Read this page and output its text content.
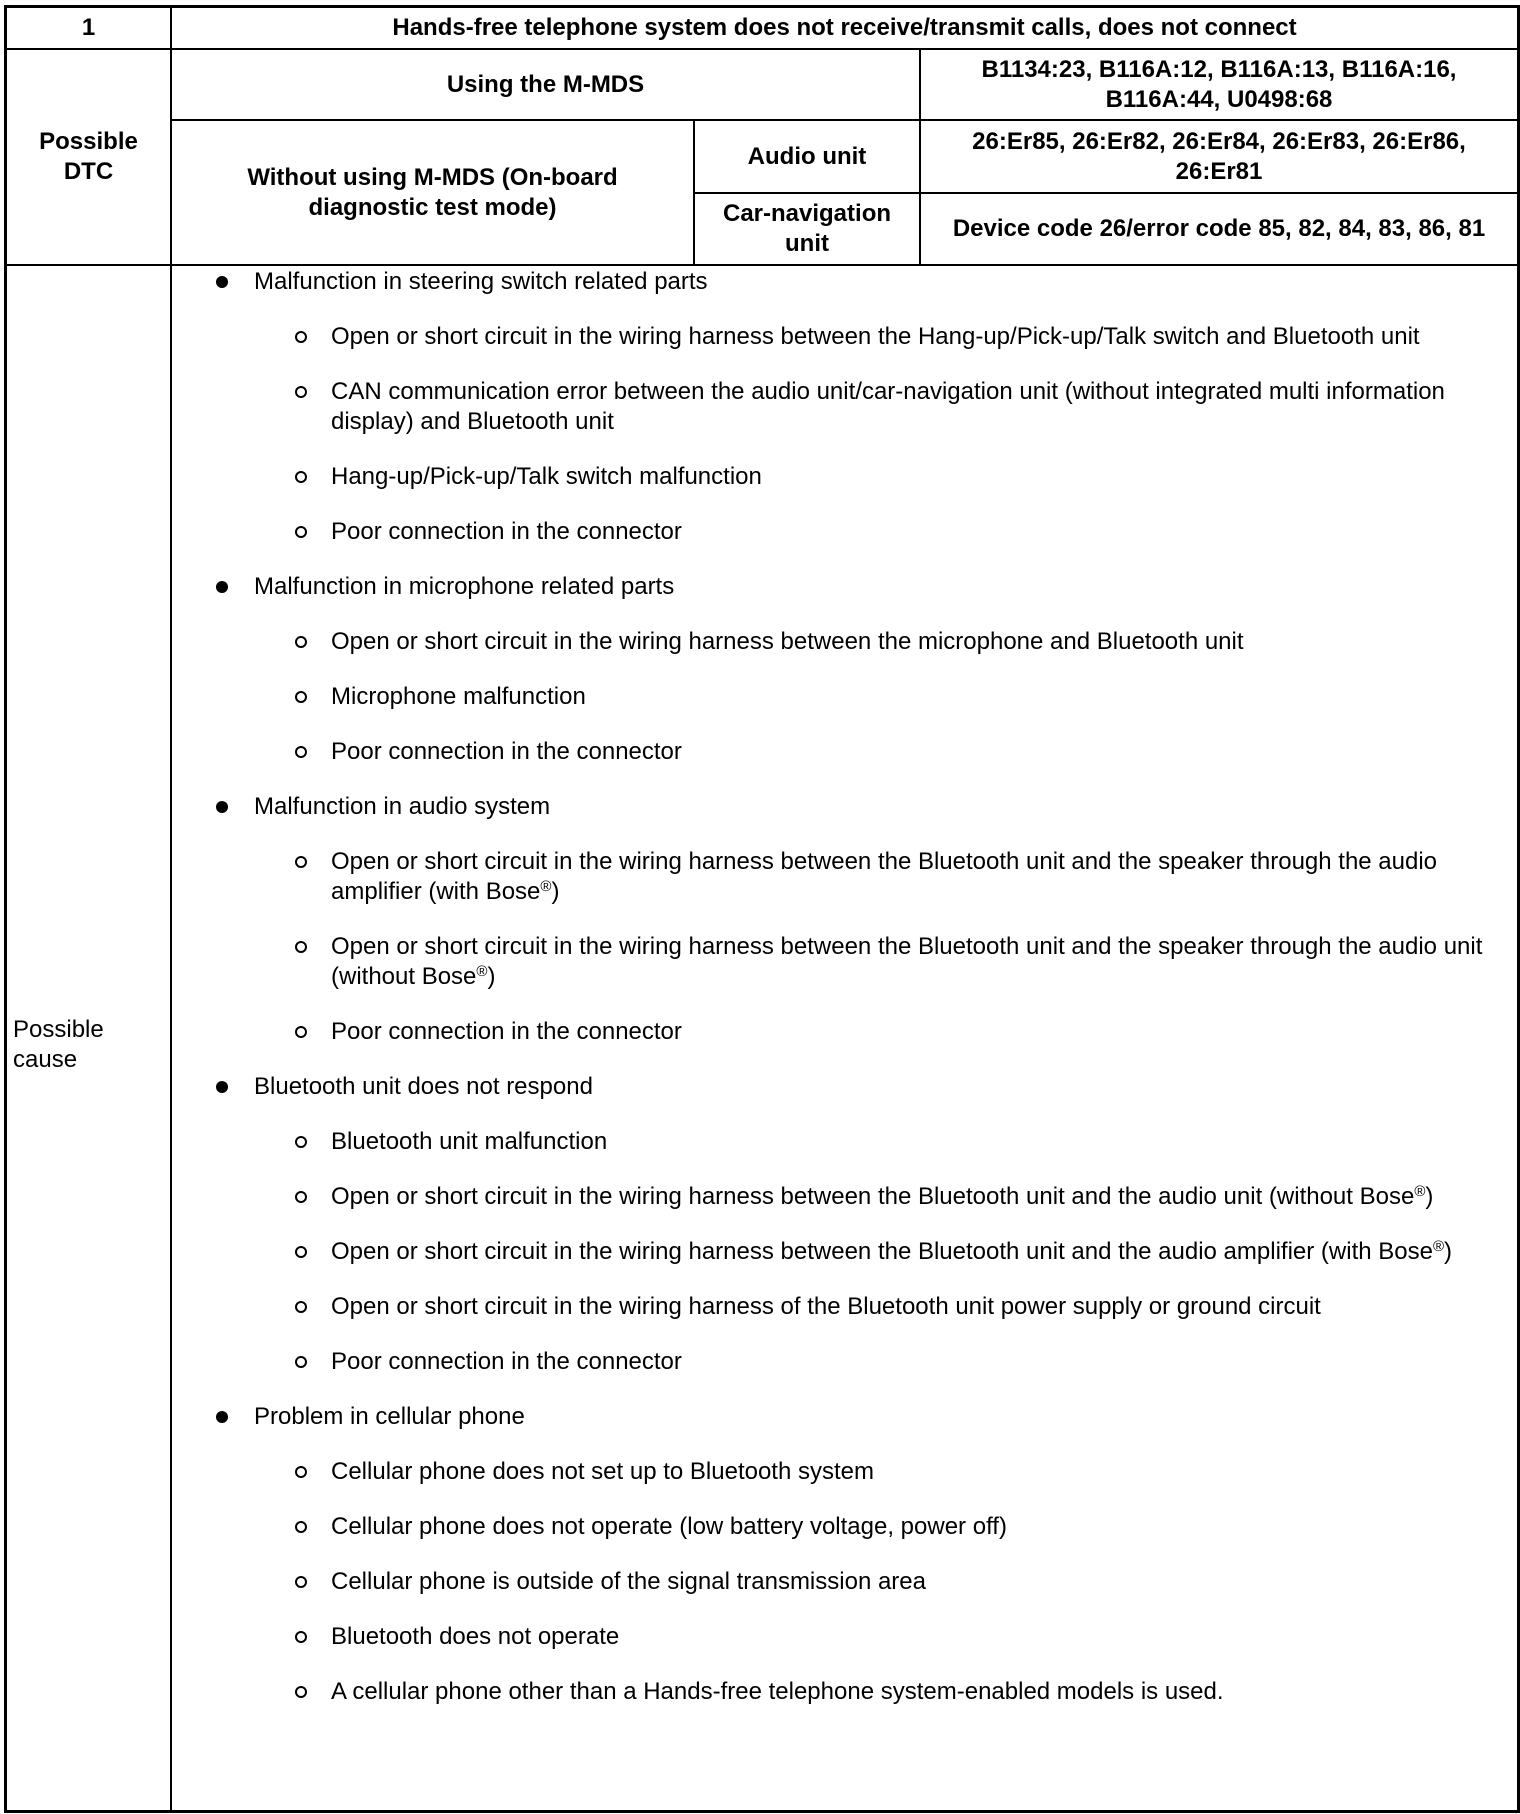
1	Hands-free telephone system does not receive/transmit calls, does not connect
Possible DTC
Using the M-MDS
B1134:23, B116A:12, B116A:13, B116A:16, B116A:44, U0498:68
Without using M-MDS (On-board diagnostic test mode)
Audio unit
26:Er85, 26:Er82, 26:Er84, 26:Er83, 26:Er86, 26:Er81
Car-navigation unit
Device code 26/error code 85, 82, 84, 83, 86, 81
Possible cause
Malfunction in steering switch related parts
Open or short circuit in the wiring harness between the Hang-up/Pick-up/Talk switch and Bluetooth unit
CAN communication error between the audio unit/car-navigation unit (without integrated multi information display) and Bluetooth unit
Hang-up/Pick-up/Talk switch malfunction
Poor connection in the connector
Malfunction in microphone related parts
Open or short circuit in the wiring harness between the microphone and Bluetooth unit
Microphone malfunction
Poor connection in the connector
Malfunction in audio system
Open or short circuit in the wiring harness between the Bluetooth unit and the speaker through the audio amplifier (with Bose®)
Open or short circuit in the wiring harness between the Bluetooth unit and the speaker through the audio unit (without Bose®)
Poor connection in the connector
Bluetooth unit does not respond
Bluetooth unit malfunction
Open or short circuit in the wiring harness between the Bluetooth unit and the audio unit (without Bose®)
Open or short circuit in the wiring harness between the Bluetooth unit and the audio amplifier (with Bose®)
Open or short circuit in the wiring harness of the Bluetooth unit power supply or ground circuit
Poor connection in the connector
Problem in cellular phone
Cellular phone does not set up to Bluetooth system
Cellular phone does not operate (low battery voltage, power off)
Cellular phone is outside of the signal transmission area
Bluetooth does not operate
A cellular phone other than a Hands-free telephone system-enabled models is used.
